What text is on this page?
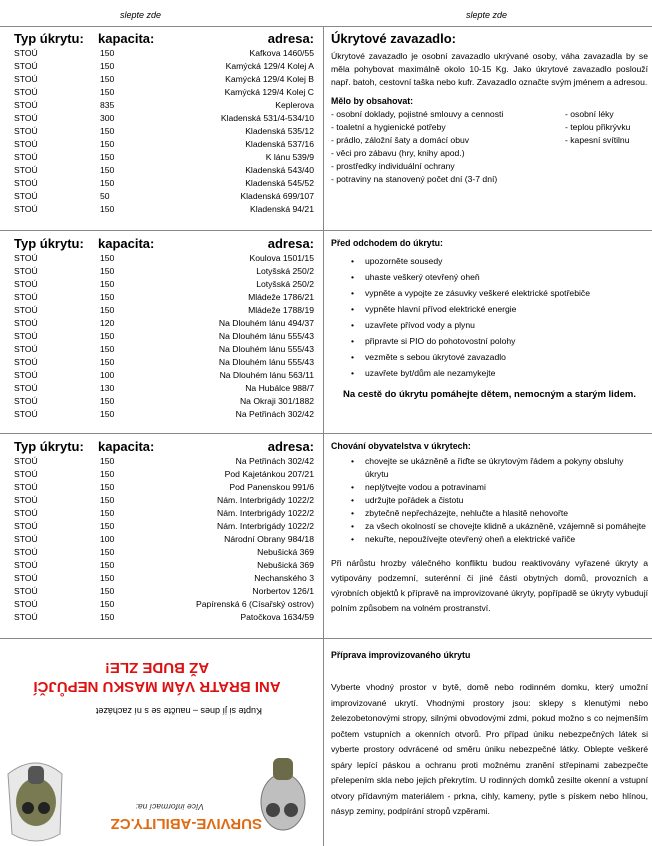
slepte zde	slepte zde
Typ úkrytu: kapacita:	adresa:
STOÚ	150	Kafkova 1460/55
STOÚ	150	Kamýcká 129/4 Kolej A
STOÚ	150	Kamýcká 129/4 Kolej B
STOÚ	150	Kamýcká 129/4 Kolej C
STOÚ	835	Keplerova
STOÚ	300	Kladenská 531/4-534/10
STOÚ	150	Kladenská 535/12
STOÚ	150	Kladenská 537/16
STOÚ	150	K lánu 539/9
STOÚ	150	Kladenská 543/40
STOÚ	150	Kladenská 545/52
STOÚ	50	Kladenská 699/107
STOÚ	150	Kladenská 94/21
Typ úkrytu: kapacita:	adresa:
STOÚ	150	Koulova 1501/15
STOÚ	150	Lotyšská 250/2
STOÚ	150	Lotyšská 250/2
STOÚ	150	Mládeže 1786/21
STOÚ	150	Mládeže 1788/19
STOÚ	120	Na Dlouhém lánu 494/37
STOÚ	150	Na Dlouhém lánu 555/43
STOÚ	150	Na Dlouhém lánu 555/43
STOÚ	150	Na Dlouhém lánu 555/43
STOÚ	100	Na Dlouhém lánu 563/11
STOÚ	130	Na Hubálce 988/7
STOÚ	150	Na Okraji 301/1882
STOÚ	150	Na Petřinách 302/42
Typ úkrytu: kapacita:	adresa:
STOÚ	150	Na Petřinách 302/42
STOÚ	150	Pod Kajetánkou 207/21
STOÚ	150	Pod Panenskou 991/6
STOÚ	150	Nám. Interbrigády 1022/2
STOÚ	150	Nám. Interbrigády 1022/2
STOÚ	150	Nám. Interbrigády 1022/2
STOÚ	100	Národní Obrany 984/18
STOÚ	150	Nebušická 369
STOÚ	150	Nebušická 369
STOÚ	150	Nechanského 3
STOÚ	150	Norbertov 126/1
STOÚ	150	Papírenská 6 (Císařský ostrov)
STOÚ	150	Patočkova 1634/59
Úkrytové zavazadlo:
Úkrytové zavazadlo je osobní zavazadlo ukrývané osoby, váha zavazadla by se měla pohybovat maximálně okolo 10-15 Kg. Jako úkrytové zavazadlo poslouží např. batoh, cestovní taška nebo kufr. Zavazadlo označte svým jménem a adresou.
Mělo by obsahovat:
- osobní doklady, pojistné smlouvy a cennosti
- toaletní a hygienické potřeby
- prádlo, záložní šaty a domácí obuv
- věci pro zábavu (hry, knihy apod.)
- prostředky individuální ochrany
- potraviny na stanovený počet dní (3-7 dní)
- osobní léky
- teplou přikrývku
- kapesní svítilnu
Před odchodem do úkrytu:
• upozorněte sousedy
• uhaste veškerý otevřený oheň
• vypněte a vypojte ze zásuvky veškeré elektrické spotřebiče
• vypněte hlavní přívod elektrické energie
• uzavřete přívod vody a plynu
• připravte si PIO do pohotovostní polohy
• vezměte s sebou úkrytové zavazadlo
• uzavřete byt/dům ale nezamykejte
Na cestě do úkrytu pomáhejte dětem, nemocným a starým lidem.
Chování obyvatelstva v úkrytech:
• chovejte se ukázněně a řiďte se úkrytovým řádem a pokyny obsluhy úkrytu
• neplýtvejte vodou a potravinami
• udržujte pořádek a čistotu
• zbytečně nepřecházejte, nehlučte a hlasitě nehovořte
• za všech okolností se chovejte klidně a ukázněně, vzájemně si pomáhejte
• nekuřte, nepoužívejte otevřený oheň a elektrické vařiče
Při nárůstu hrozby válečného konfliktu budou reaktivovány vyřazené úkryty a vytipovány podzemní, suterénní či jiné části obytných domů, provozních a výrobních objektů k přípravě na improvizované úkryty, popřípadě se úkryty vybudují polním způsobem na volném prostranství.
Příprava improvizovaného úkrytu
Vyberte vhodný prostor v bytě, domě nebo rodinném domku, který umožní improvizované ukrytí. Vhodnými prostory jsou: sklepy s klenutými nebo železobetonovými stropy, silnými obvodovými zdmi, pokud možno s co nejmenším počtem vstupních a okenních otvorů. Pro případ úniku nebezpečných látek si vyberte prostory odvrácené od směru úniku nebezpečné látky. Oblepte veškeré spáry lepící páskou a ochranu proti možnému zranění střepinami zabezpečte přelepením skla nebo jejich překrytím. U rodinných domků zesilte okenní a vstupní otvory přídavným materiálem - prkna, cihly, kameny, pytle s pískem nebo hlínou, násyp zeminy, podpírání stropů vzpěrami.
SURVIVE-ABILITY.CZ
Více informací na:
Kupte si jí dnes – naučte se s ní zacházet
ANI BRATR VÁM MASKU NEPŮJČÍ AŽ BUDE ZLE!
